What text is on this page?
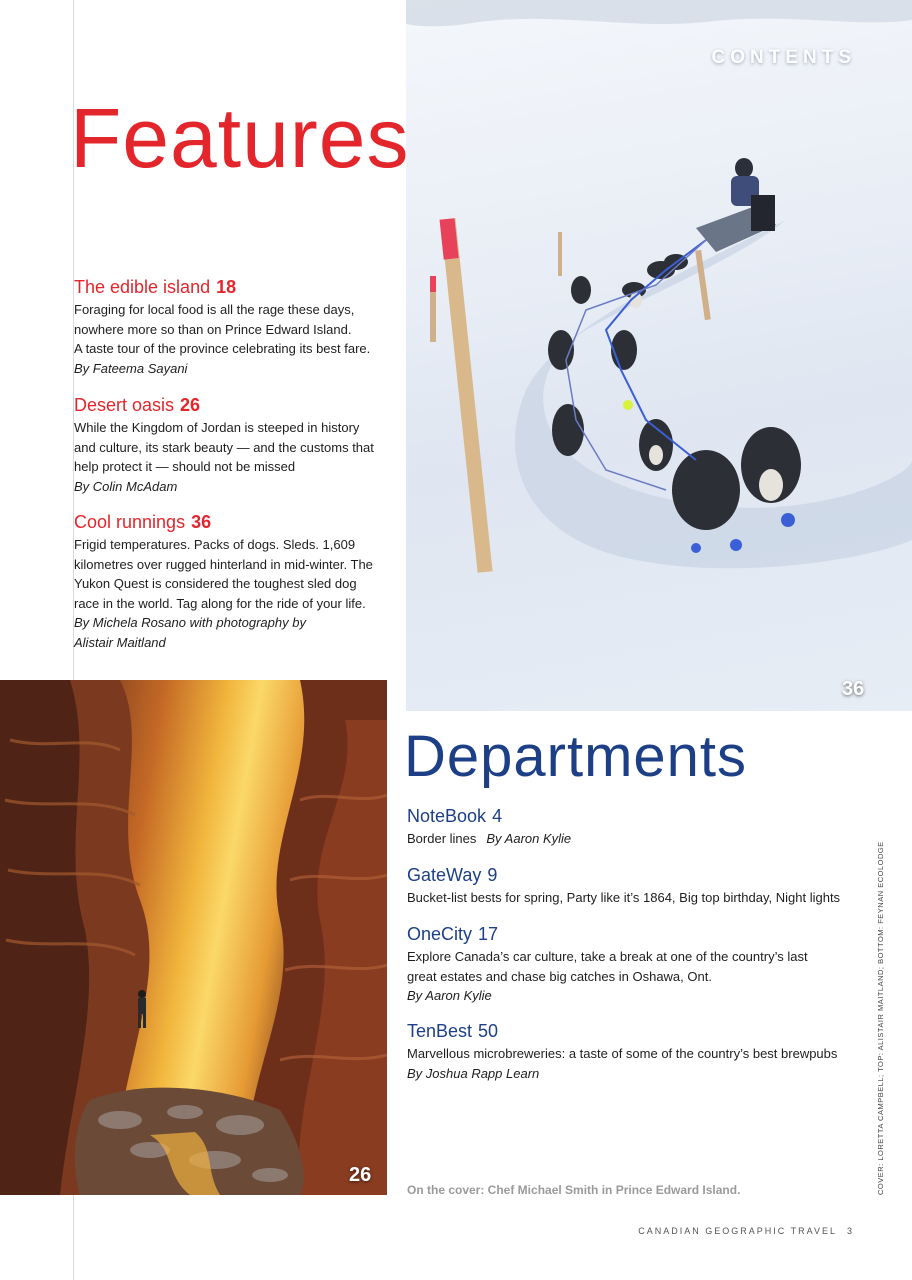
CONTENTS
36
26
Features
The edible island 18

Foraging for local food is all the rage these days,
nowhere more so than on Prince Edward Island.
A taste tour of the province celebrating its best fare.

By Fateema Sayani

Desert oasis 26

While the Kingdom of Jordan is steeped in history
and culture, its stark beauty — and the customs that
help protect it — should not be missed

By Colin McAdam

Cool runnings 36

Frigid temperatures. Packs of dogs. Sleds. 1,609
kilometres over rugged hinterland in mid-winter. The
Yukon Quest is considered the toughest sled dog
race in the world. Tag along for the ride of your life.

By Michela Rosano with photography by
Alistair Maitland

Departments
NoteBook 4

Border lines By Aaron Kylie

GateWay 9

Bucket-list bests for spring, Party like it’s 1864, Big top birthday, Night lights

OneCity 17

Explore Canada’s car culture, take a break at one of the country’s last
great estates and chase big catches in Oshawa, Ont.

By Aaron Kylie

TenBest 50

Marvellous microbreweries: a taste of some of the country’s best brewpubs

By Joshua Rapp Learn

On the cover: Chef Michael Smith in Prince Edward Island.	COVER: LORETTA CAMPBELL; TOP: ALISTAIR MAITLAND; BOTTOM: FEYNAN ECOLODGE
CANADIAN GEOGRAPHIC TRAVEL 3
